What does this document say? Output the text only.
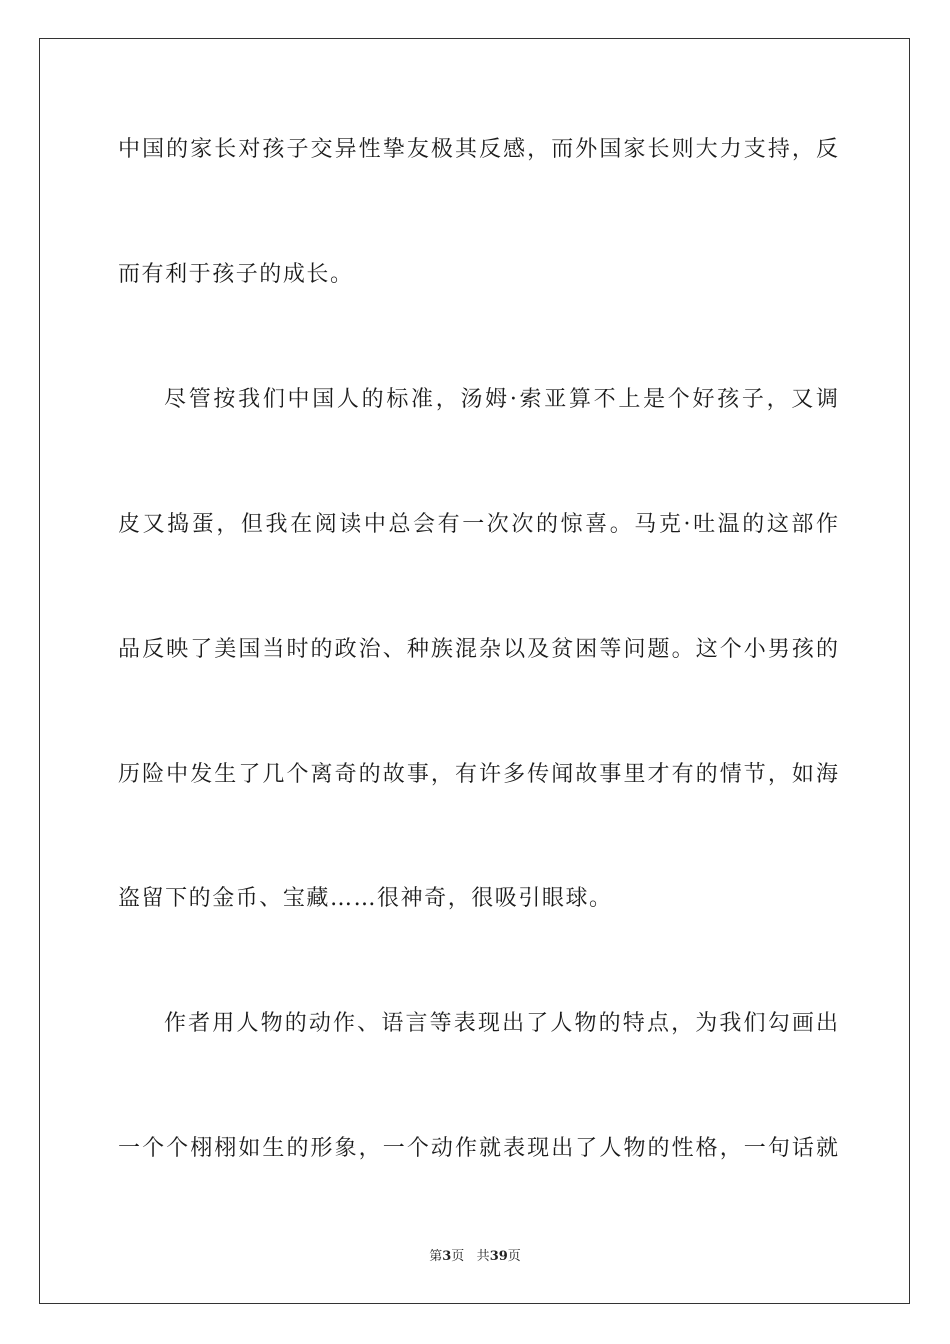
中国的家长对孩子交异性挚友极其反感，而外国家长则大力支持，反
而有利于孩子的成长。
尽管按我们中国人的标准，汤姆·索亚算不上是个好孩子，又调
皮又捣蛋，但我在阅读中总会有一次次的惊喜。马克·吐温的这部作
品反映了美国当时的政治、种族混杂以及贫困等问题。这个小男孩的
历险中发生了几个离奇的故事，有许多传闻故事里才有的情节，如海
盗留下的金币、宝藏……很神奇，很吸引眼球。
作者用人物的动作、语言等表现出了人物的特点，为我们勾画出
一个个栩栩如生的形象，一个动作就表现出了人物的性格，一句话就
第3页 共39页
